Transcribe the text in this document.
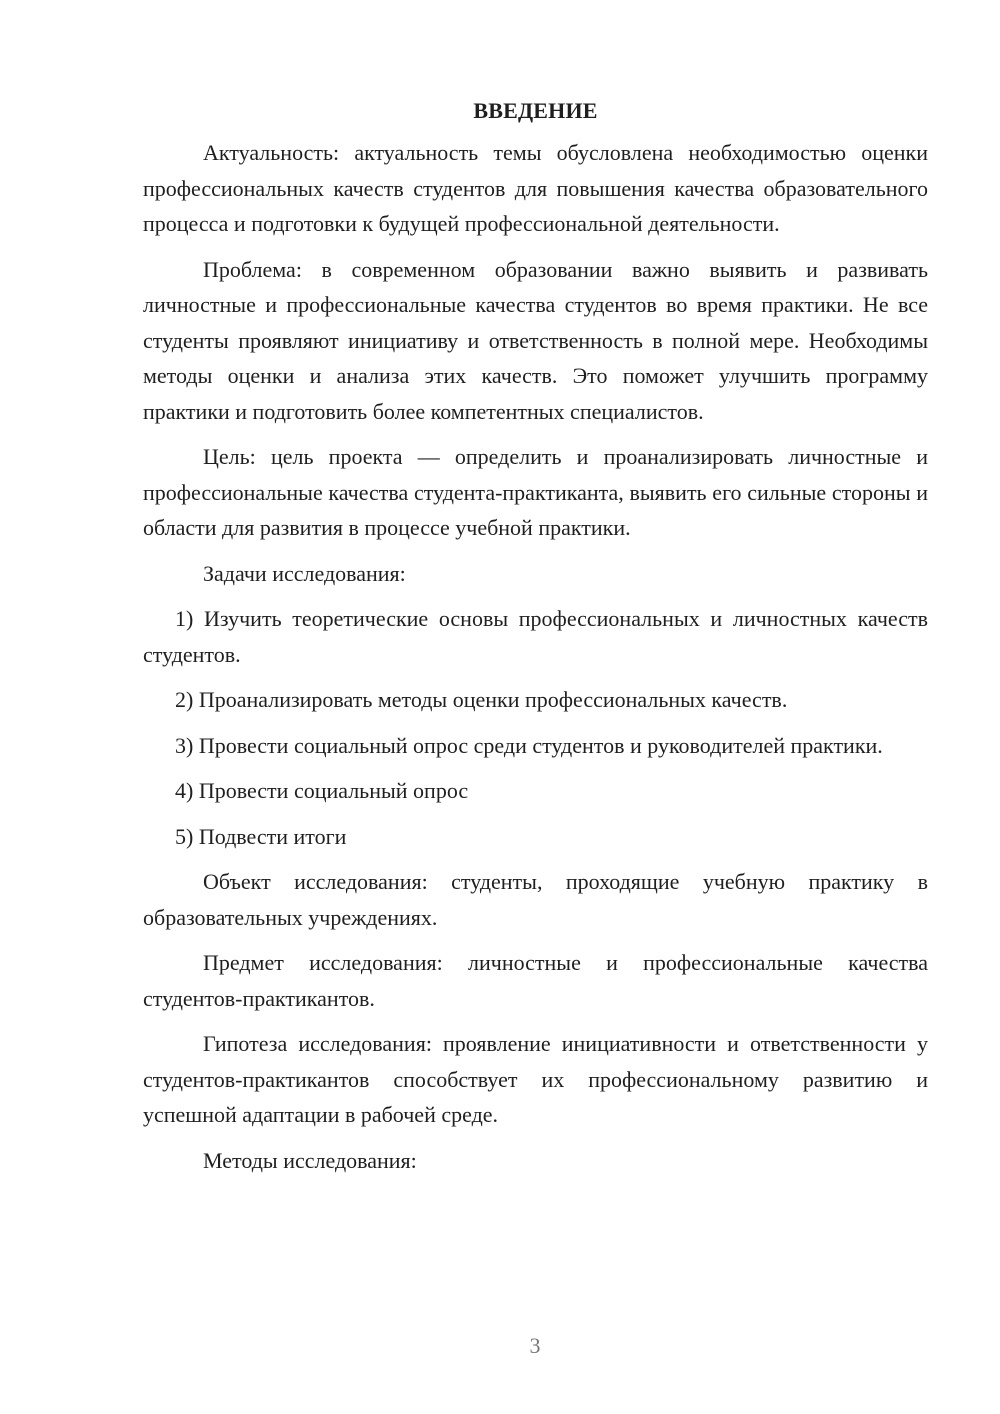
ВВЕДЕНИЕ
Актуальность: актуальность темы обусловлена необходимостью оценки профессиональных качеств студентов для повышения качества образовательного процесса и подготовки к будущей профессиональной деятельности.
Проблема: в современном образовании важно выявить и развивать личностные и профессиональные качества студентов во время практики. Не все студенты проявляют инициативу и ответственность в полной мере. Необходимы методы оценки и анализа этих качеств. Это поможет улучшить программу практики и подготовить более компетентных специалистов.
Цель: цель проекта — определить и проанализировать личностные и профессиональные качества студента-практиканта, выявить его сильные стороны и области для развития в процессе учебной практики.
Задачи исследования:
1) Изучить теоретические основы профессиональных и личностных качеств студентов.
2) Проанализировать методы оценки профессиональных качеств.
3) Провести социальный опрос среди студентов и руководителей практики.
4) Провести социальный опрос
5) Подвести итоги
Объект исследования: студенты, проходящие учебную практику в образовательных учреждениях.
Предмет исследования: личностные и профессиональные качества студентов-практикантов.
Гипотеза исследования: проявление инициативности и ответственности у студентов-практикантов способствует их профессиональному развитию и успешной адаптации в рабочей среде.
Методы исследования:
3
